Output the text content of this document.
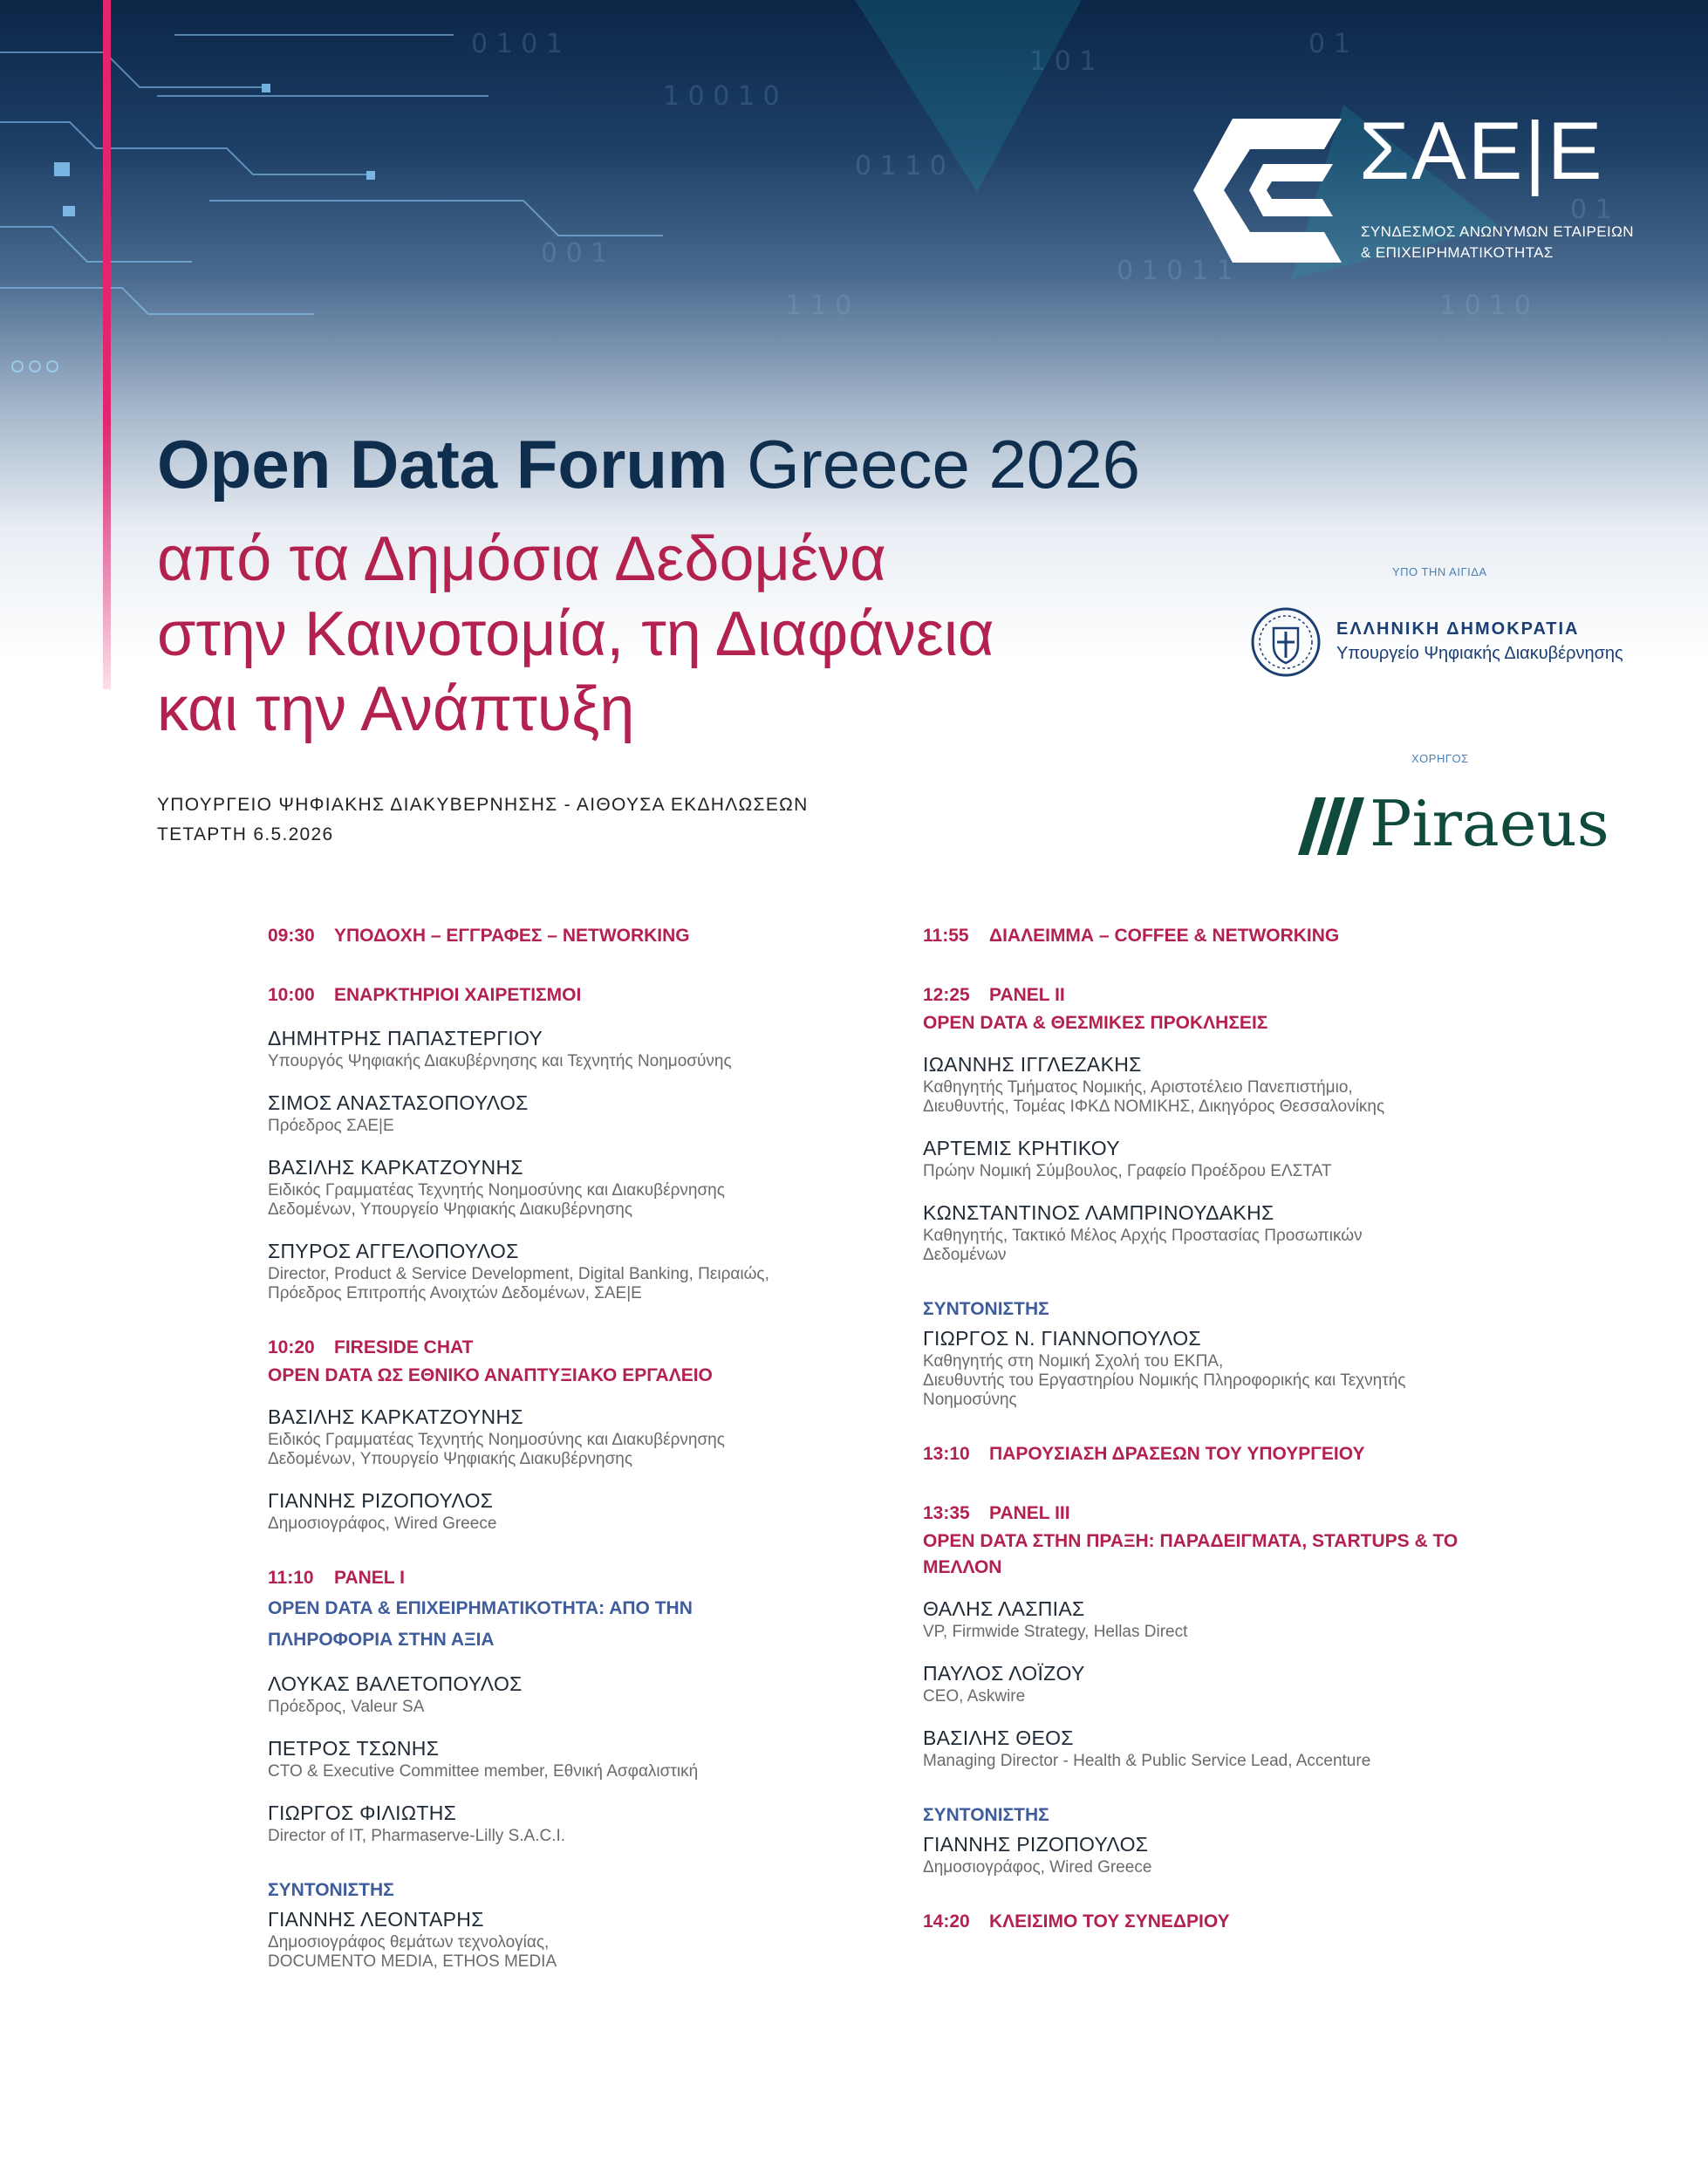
0 1 0 1
1 0 0 1 0
0 1 1 0
1 0 1
0 1 0 1 1
0 1
1 0 1 0
0 1
1 1 0
0 0 1
ΣΑΕ|Ε
ΣΥΝΔΕΣΜΟΣ ΑΝΩΝΥΜΩΝ ΕΤΑΙΡΕΙΩΝ
& ΕΠΙΧΕΙΡΗΜΑΤΙΚΟΤΗΤΑΣ
Open Data Forum Greece 2026
από τα Δημόσια Δεδομένα
στην Καινοτομία, τη Διαφάνεια
και την Ανάπτυξη
ΥΠΟΥΡΓΕΙΟ ΨΗΦΙΑΚΗΣ ΔΙΑΚΥΒΕΡΝΗΣΗΣ - ΑΙΘΟΥΣΑ ΕΚΔΗΛΩΣΕΩΝ
ΤΕΤΑΡΤΗ 6.5.2026
ΥΠΟ ΤΗΝ ΑΙΓΙΔΑ
ΕΛΛΗΝΙΚΗ ΔΗΜΟΚΡΑΤΙΑ
Υπουργείο Ψηφιακής Διακυβέρνησης
ΧΟΡΗΓΟΣ
Piraeus

09:30 ΥΠΟΔΟΧΗ – ΕΓΓΡΑΦΕΣ – NETWORKING

10:00 ΕΝΑΡΚΤΗΡΙΟΙ ΧΑΙΡΕΤΙΣΜΟΙ

ΔΗΜΗΤΡΗΣ ΠΑΠΑΣΤΕΡΓΙΟΥ

Υπουργός Ψηφιακής Διακυβέρνησης και Τεχνητής Νοημοσύνης

ΣΙΜΟΣ ΑΝΑΣΤΑΣΟΠΟΥΛΟΣ

Πρόεδρος ΣΑΕ|Ε

ΒΑΣΙΛΗΣ ΚΑΡΚΑΤΖΟΥΝΗΣ

Ειδικός Γραμματέας Τεχνητής Νοημοσύνης και Διακυβέρνησης
Δεδομένων, Υπουργείο Ψηφιακής Διακυβέρνησης

ΣΠΥΡΟΣ ΑΓΓΕΛΟΠΟΥΛΟΣ

Director, Product & Service Development, Digital Banking, Πειραιώς,
Πρόεδρος Επιτροπής Ανοιχτών Δεδομένων, ΣΑΕ|Ε

10:20 FIRESIDE CHAT

OPEN DATA ΩΣ ΕΘΝΙΚΟ ΑΝΑΠΤΥΞΙΑΚΟ ΕΡΓΑΛΕΙΟ

ΒΑΣΙΛΗΣ ΚΑΡΚΑΤΖΟΥΝΗΣ

Ειδικός Γραμματέας Τεχνητής Νοημοσύνης και Διακυβέρνησης
Δεδομένων, Υπουργείο Ψηφιακής Διακυβέρνησης

ΓΙΑΝΝΗΣ ΡΙΖΟΠΟΥΛΟΣ

Δημοσιογράφος, Wired Greece

11:10 PANEL I

OPEN DATA & ΕΠΙΧΕΙΡΗΜΑΤΙΚΟΤΗΤΑ: ΑΠΟ ΤΗΝ
ΠΛΗΡΟΦΟΡΙΑ ΣΤΗΝ ΑΞΙΑ

ΛΟΥΚΑΣ ΒΑΛΕΤΟΠΟΥΛΟΣ

Πρόεδρος, Valeur SA

ΠΕΤΡΟΣ ΤΣΩΝΗΣ

CTO & Executive Committee member, Εθνική Ασφαλιστική

ΓΙΩΡΓΟΣ ΦΙΛΙΩΤΗΣ

Director of IT, Pharmaserve-Lilly S.A.C.I.

ΣΥΝΤΟΝΙΣΤΗΣ

ΓΙΑΝΝΗΣ ΛΕΟΝΤΑΡΗΣ

Δημοσιογράφος θεμάτων τεχνολογίας,
DOCUMENTO MEDIA, ETHOS MEDIA

11:55 ΔΙΑΛΕΙΜΜΑ – COFFEE & NETWORKING

12:25 PANEL II

OPEN DATA & ΘΕΣΜΙΚΕΣ ΠΡΟΚΛΗΣΕΙΣ

ΙΩΑΝΝΗΣ ΙΓΓΛΕΖΑΚΗΣ

Καθηγητής Τμήματος Νομικής, Αριστοτέλειο Πανεπιστήμιο,
Διευθυντής, Τομέας ΙΦΚΔ ΝΟΜΙΚΗΣ, Δικηγόρος Θεσσαλονίκης

ΑΡΤΕΜΙΣ ΚΡΗΤΙΚΟΥ

Πρώην Νομική Σύμβουλος, Γραφείο Προέδρου ΕΛΣΤΑΤ

ΚΩΝΣΤΑΝΤΙΝΟΣ ΛΑΜΠΡΙΝΟΥΔΑΚΗΣ

Καθηγητής, Τακτικό Μέλος Αρχής Προστασίας Προσωπικών
Δεδομένων

ΣΥΝΤΟΝΙΣΤΗΣ

ΓΙΩΡΓΟΣ Ν. ΓΙΑΝΝΟΠΟΥΛΟΣ

Καθηγητής στη Νομική Σχολή του ΕΚΠΑ,
Διευθυντής του Εργαστηρίου Νομικής Πληροφορικής και Τεχνητής
Νοημοσύνης

13:10 ΠΑΡΟΥΣΙΑΣΗ ΔΡΑΣΕΩΝ ΤΟΥ ΥΠΟΥΡΓΕΙΟΥ

13:35 PANEL III

OPEN DATA ΣΤΗΝ ΠΡΑΞΗ: ΠΑΡΑΔΕΙΓΜΑΤΑ, STARTUPS & ΤΟ
ΜΕΛΛΟΝ

ΘΑΛΗΣ ΛΑΣΠΙΑΣ

VP, Firmwide Strategy, Hellas Direct

ΠΑΥΛΟΣ ΛΟΪΖΟΥ

CEO, Askwire

ΒΑΣΙΛΗΣ ΘΕΟΣ

Managing Director - Health & Public Service Lead, Accenture

ΣΥΝΤΟΝΙΣΤΗΣ

ΓΙΑΝΝΗΣ ΡΙΖΟΠΟΥΛΟΣ

Δημοσιογράφος, Wired Greece

14:20 ΚΛΕΙΣΙΜΟ ΤΟΥ ΣΥΝΕΔΡΙΟΥ
